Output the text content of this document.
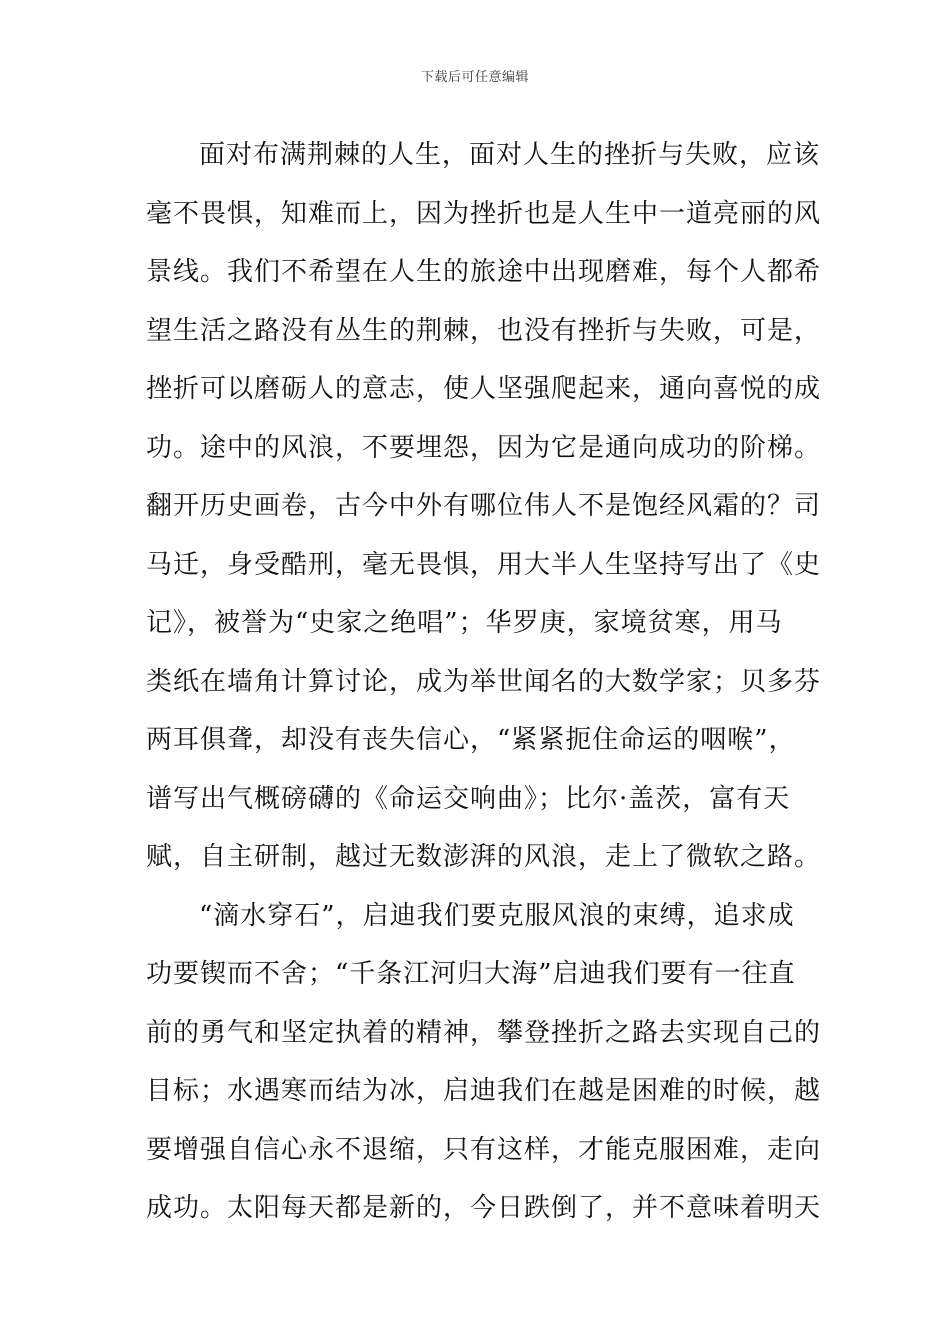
下载后可任意编辑
面对布满荆棘的人生，面对人生的挫折与失败，应该
毫不畏惧，知难而上，因为挫折也是人生中一道亮丽的风
景线。我们不希望在人生的旅途中出现磨难，每个人都希
望生活之路没有丛生的荆棘，也没有挫折与失败，可是，
挫折可以磨砺人的意志，使人坚强爬起来，通向喜悦的成
功。途中的风浪，不要埋怨，因为它是通向成功的阶梯。
翻开历史画卷，古今中外有哪位伟人不是饱经风霜的？司
马迁，身受酷刑，毫无畏惧，用大半人生坚持写出了《史
记》，被誉为“史家之绝唱”；华罗庚，家境贫寒，用马
类纸在墙角计算讨论，成为举世闻名的大数学家；贝多芬
两耳俱聋，却没有丧失信心，“紧紧扼住命运的咽喉”，
谱写出气概磅礴的《命运交响曲》；比尔·盖茨，富有天
赋，自主研制，越过无数澎湃的风浪，走上了微软之路。
“滴水穿石”，启迪我们要克服风浪的束缚，追求成
功要锲而不舍；“千条江河归大海”启迪我们要有一往直
前的勇气和坚定执着的精神，攀登挫折之路去实现自己的
目标；水遇寒而结为冰，启迪我们在越是困难的时候，越
要增强自信心永不退缩，只有这样，才能克服困难，走向
成功。太阳每天都是新的，今日跌倒了，并不意味着明天
